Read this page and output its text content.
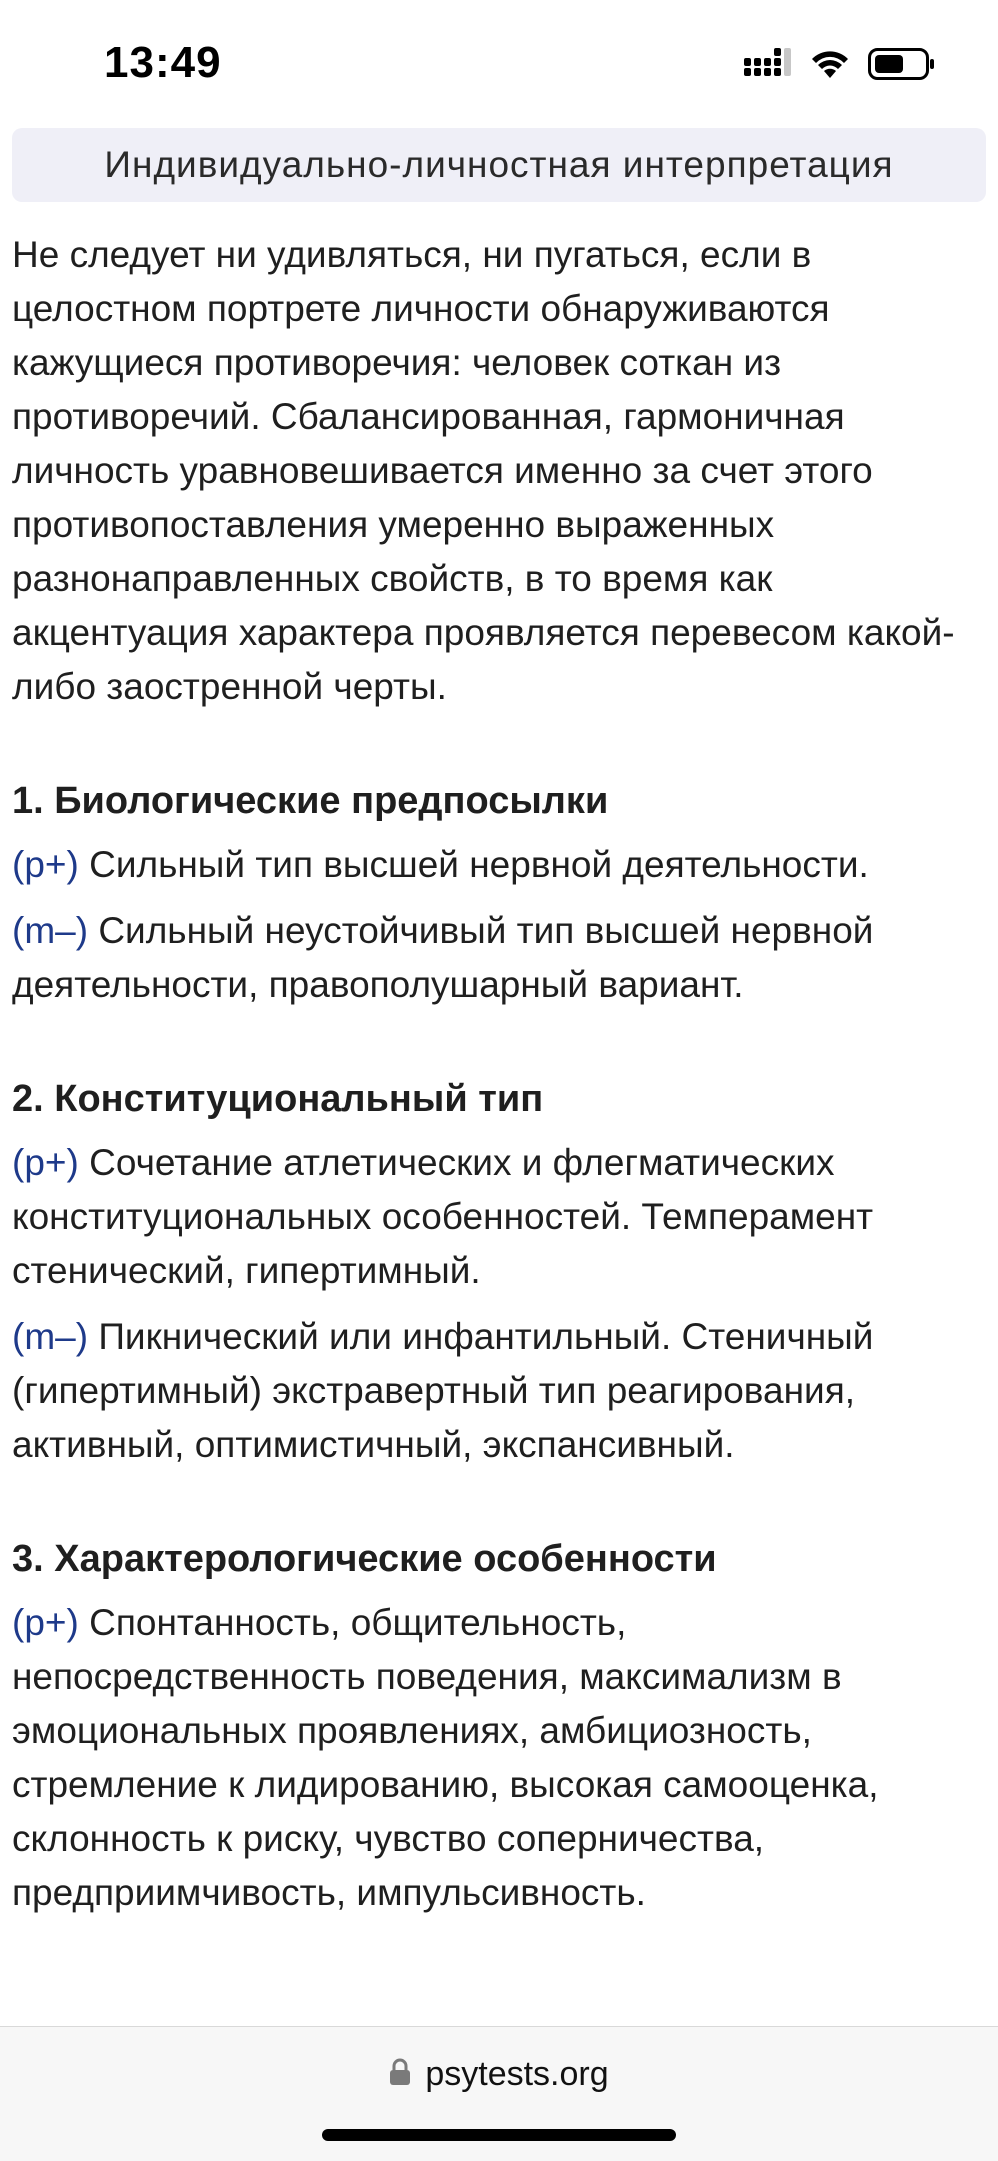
13:49
Индивидуально-личностная интерпретация

Не следует ни удивляться, ни пугаться, если в целостном портрете личности обнаруживаются кажущиеся противоречия: человек соткан из противоречий. Сбалансированная, гармоничная личность уравновешивается именно за счет этого противопоставления умеренно выраженных разнонаправленных свойств, в то время как акцентуация характера проявляется перевесом какой-либо заостренной черты.

1. Биологические предпосылки

(p+) Сильный тип высшей нервной деятельности.

(m–) Сильный неустойчивый тип высшей нервной деятельности, правополушарный вариант.

2. Конституциональный тип

(p+) Сочетание атлетических и флегматических конституциональных особенностей. Темперамент стенический, гипертимный.

(m–) Пикнический или инфантильный. Стеничный (гипертимный) экстравертный тип реагирования, активный, оптимистичный, экспансивный.

3. Характерологические особенности

(p+) Спонтанность, общительность, непосредственность поведения, максимализм в эмоциональных проявлениях, амбициозность, стремление к лидированию, высокая самооценка, склонность к риску, чувство соперничества, предприимчивость, импульсивность.

psytests.org
